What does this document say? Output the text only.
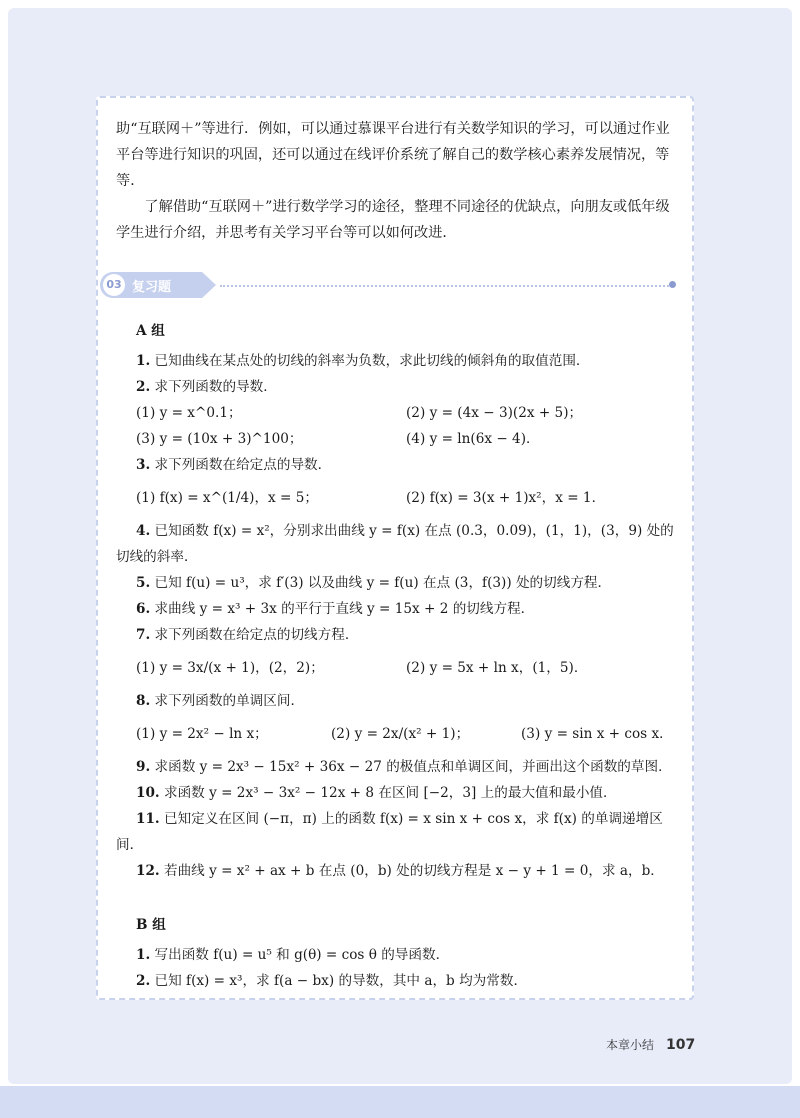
助“互联网＋”等进行．例如，可以通过慕课平台进行有关数学知识的学习，可以通过作业平台等进行知识的巩固，还可以通过在线评价系统了解自己的数学核心素养发展情况，等等．

了解借助“互联网＋”进行数学学习的途径，整理不同途径的优缺点，向朋友或低年级学生进行介绍，并思考有关学习平台等可以如何改进．

03 复习题
A 组

1. 已知曲线在某点处的切线的斜率为负数，求此切线的倾斜角的取值范围．

2. 求下列函数的导数．

(1) y = x^0.1；	(2) y = (4x − 3)(2x + 5)；
(3) y = (10x + 3)^100；	(4) y = ln(6x − 4)．

3. 求下列函数在给定点的导数．

(1) f(x) = x^(1/4)，x = 5；	(2) f(x) = 3(x + 1)x²，x = 1．

4. 已知函数 f(x) = x²，分别求出曲线 y = f(x) 在点 (0.3，0.09)，(1，1)，(3，9) 处的切线的斜率．

5. 已知 f(u) = u³，求 f′(3) 以及曲线 y = f(u) 在点 (3，f(3)) 处的切线方程．

6. 求曲线 y = x³ + 3x 的平行于直线 y = 15x + 2 的切线方程．

7. 求下列函数在给定点的切线方程．

(1) y = 3x/(x + 1)，(2，2)；	(2) y = 5x + ln x，(1，5)．

8. 求下列函数的单调区间．

(1) y = 2x² − ln x；	(2) y = 2x/(x² + 1)；	(3) y = sin x + cos x．

9. 求函数 y = 2x³ − 15x² + 36x − 27 的极值点和单调区间，并画出这个函数的草图．

10. 求函数 y = 2x³ − 3x² − 12x + 8 在区间 [−2，3] 上的最大值和最小值．

11. 已知定义在区间 (−π，π) 上的函数 f(x) = x sin x + cos x，求 f(x) 的单调递增区间．

12. 若曲线 y = x² + ax + b 在点 (0，b) 处的切线方程是 x − y + 1 = 0，求 a，b．

B 组

1. 写出函数 f(u) = u⁵ 和 g(θ) = cos θ 的导函数．

2. 已知 f(x) = x³，求 f(a − bx) 的导数，其中 a，b 均为常数．

本章小结 107
